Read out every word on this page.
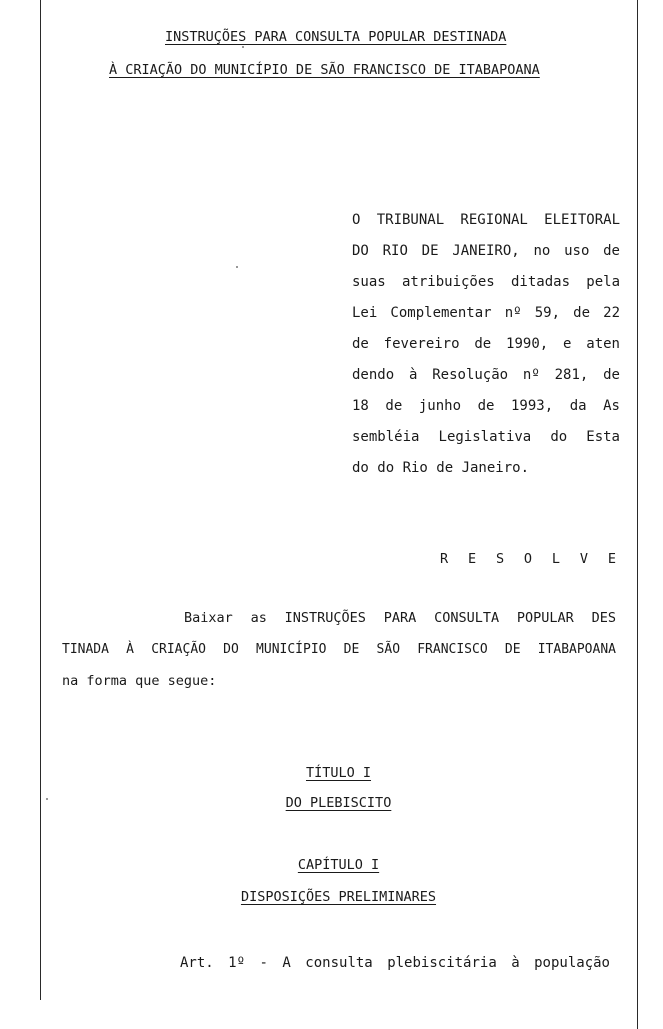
INSTRUÇÕES PARA CONSULTA POPULAR DESTINADA
À CRIAÇÃO DO MUNICÍPIO DE SÃO FRANCISCO DE ITABAPOANA
O TRIBUNAL REGIONAL ELEITORAL
DO RIO DE JANEIRO, no uso de
suas atribuições ditadas pela
Lei Complementar nº 59, de 22
de fevereiro de 1990, e aten
dendo à Resolução nº 281, de
18 de junho de 1993, da As
sembléia Legislativa do Esta
do do Rio de Janeiro.
R E S O L V E
Baixar as INSTRUÇÕES PARA CONSULTA POPULAR DES
TINADA À CRIAÇÃO DO MUNICÍPIO DE SÃO FRANCISCO DE ITABAPOANA
na forma que segue:
TÍTULO I
DO PLEBISCITO
CAPÍTULO I
DISPOSIÇÕES PRELIMINARES
Art. 1º - A consulta plebiscitária à população
